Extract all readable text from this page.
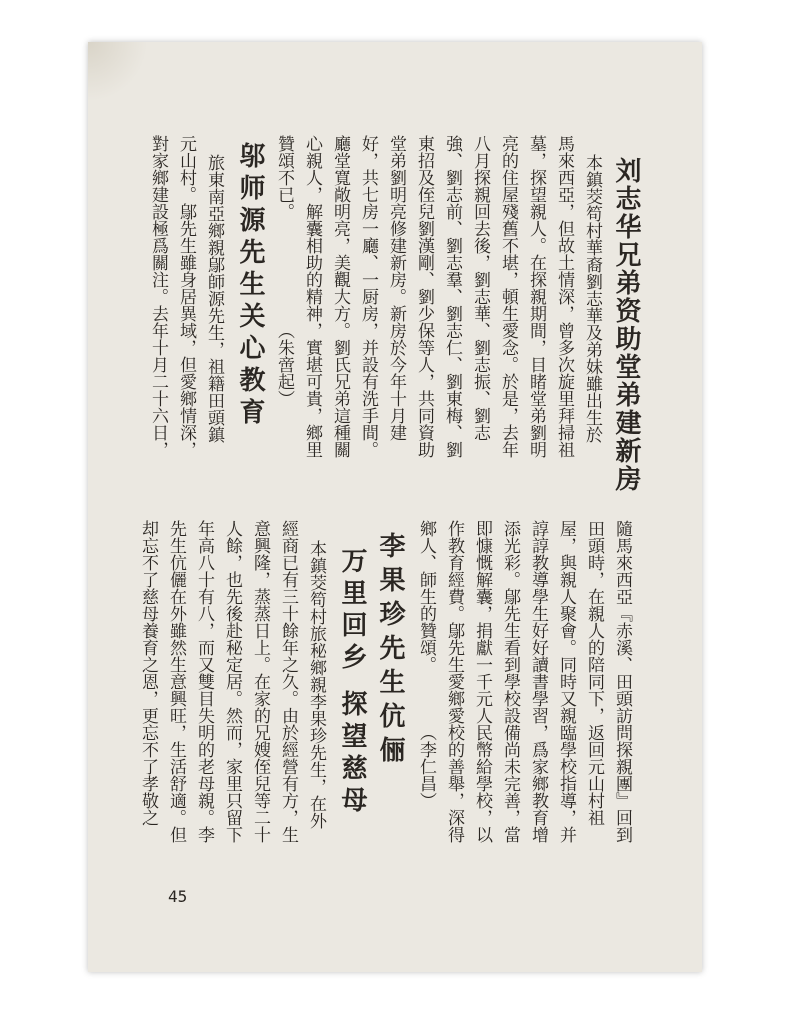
刘志华兄弟资助堂弟建新房
本鎮茭笱村華裔劉志華及弟妹雖出生於
馬來西亞，但故土情深，曾多次旋里拜掃祖
墓，探望親人。在探親期間，目睹堂弟劉明
亮的住屋殘舊不堪，頓生愛念。於是，去年
八月探親回去後，劉志華、劉志振、劉志
強、劉志前、劉志羣、劉志仁、劉東梅、劉
東招及侄兒劉漢剛、劉少保等人，共同資助
堂弟劉明亮修建新房。新房於今年十月建
好，共七房一廳、一厨房，并設有洗手間。
廳堂寬敞明亮，美觀大方。劉氏兄弟這種關
心親人，解囊相助的精神，實堪可貴，鄉里
贊頌不已。　　　　　　　（朱啻起）
邬师源先生关心教育
旅東南亞鄉親鄔師源先生，祖籍田頭鎮
元山村。鄔先生雖身居異域，但愛鄉情深，
對家鄉建設極爲關注。去年十月二十六日，
隨馬來西亞『赤溪、田頭訪問探親團』回到
田頭時，在親人的陪同下，返回元山村祖
屋，與親人聚會。同時又親臨學校指導，并
諄諄教導學生好好讀書學習，爲家鄉教育增
添光彩。鄔先生看到學校設備尚未完善，當
即慷慨解囊，捐獻一千元人民幣給學校，以
作教育經費。鄔先生愛鄉愛校的善舉，深得
鄉人、師生的贊頌。　　　　（李仁昌）
李果珍先生伉俪
万里回乡 探望慈母
本鎮茭笱村旅秘鄉親李果珍先生，在外
經商已有三十餘年之久。由於經營有方，生
意興隆，蒸蒸日上。在家的兄嫂侄兒等二十
人餘，也先後赴秘定居。然而，家里只留下
年高八十有八，而又雙目失明的老母親。李
先生伉儷在外雖然生意興旺，生活舒適。但
却忘不了慈母養育之恩，更忘不了孝敬之
45
